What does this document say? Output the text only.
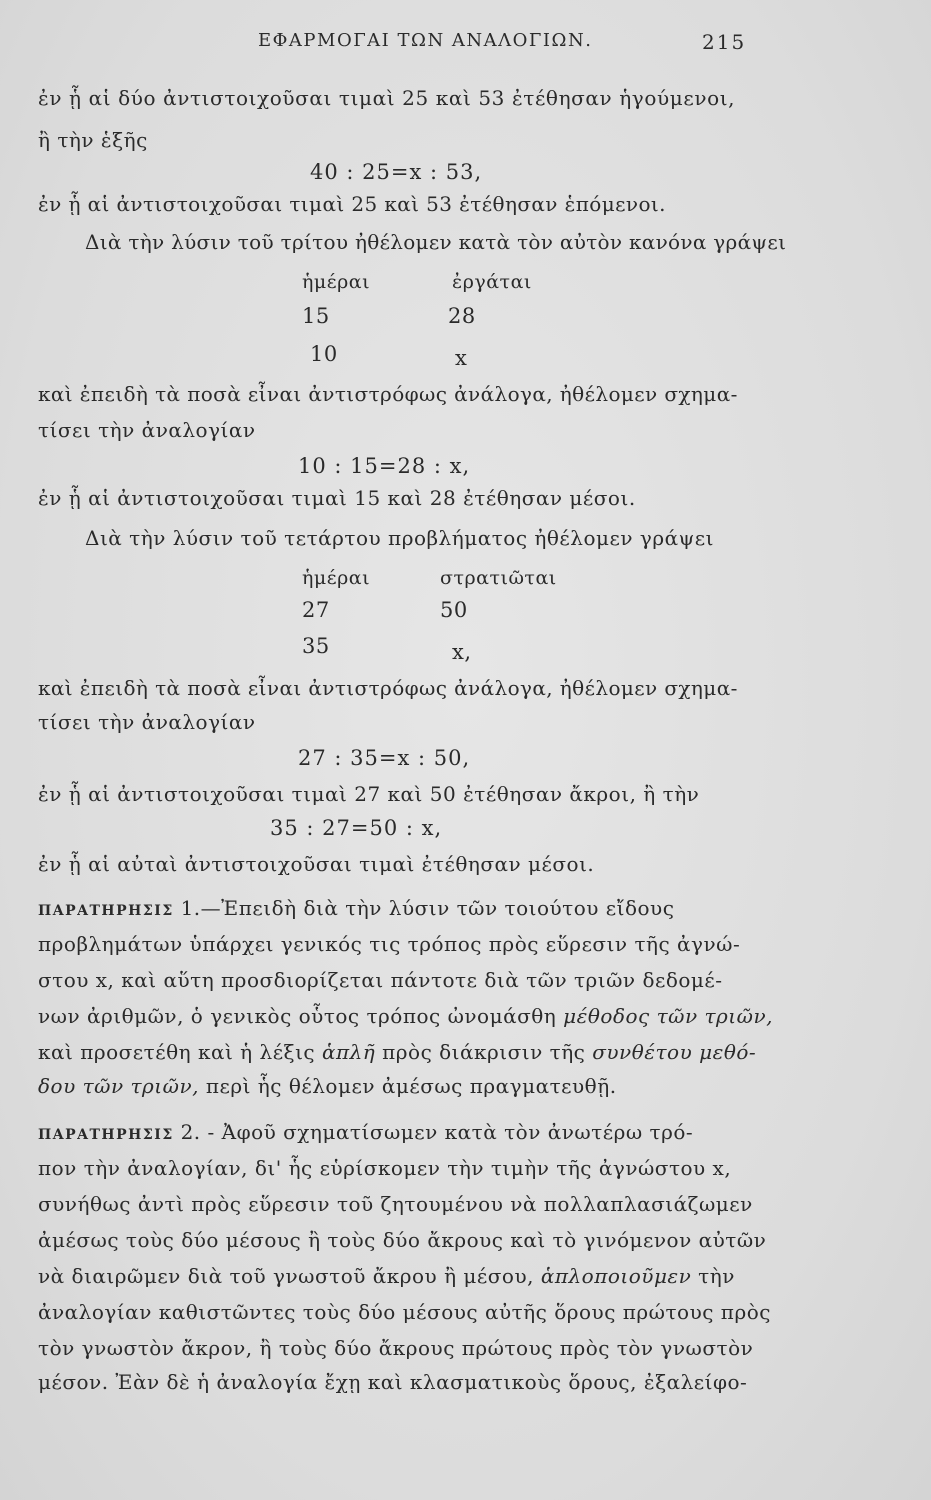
ΕΦΑΡΜΟΓΑΙ ΤΩΝ ΑΝΑΛΟΓΙΩΝ.	215
ἐν ᾗ αἱ δύο ἀντιστοιχοῦσαι τιμαὶ 25 καὶ 53 ἐτέθησαν ἡγούμενοι,
ἢ τὴν ἑξῆς
40 : 25=x : 53,
ἐν ᾗ αἱ ἀντιστοιχοῦσαι τιμαὶ 25 καὶ 53 ἐτέθησαν ἑπόμενοι.
Διὰ τὴν λύσιν τοῦ τρίτου ἠθέλομεν κατὰ τὸν αὐτὸν κανόνα γράψει
ἡμέραι	ἐργάται
15	28
10	x
καὶ ἐπειδὴ τὰ ποσὰ εἶναι ἀντιστρόφως ἀνάλογα, ἠθέλομεν σχημα-
τίσει τὴν ἀναλογίαν
10 : 15=28 : x,
ἐν ᾗ αἱ ἀντιστοιχοῦσαι τιμαὶ 15 καὶ 28 ἐτέθησαν μέσοι.
Διὰ τὴν λύσιν τοῦ τετάρτου προβλήματος ἠθέλομεν γράψει
ἡμέραι	στρατιῶται
27	50
35	x,
καὶ ἐπειδὴ τὰ ποσὰ εἶναι ἀντιστρόφως ἀνάλογα, ἠθέλομεν σχημα-
τίσει τὴν ἀναλογίαν
27 : 35=x : 50,
ἐν ᾗ αἱ ἀντιστοιχοῦσαι τιμαὶ 27 καὶ 50 ἐτέθησαν ἄκροι, ἢ τὴν
35 : 27=50 : x,
ἐν ᾗ αἱ αὐταὶ ἀντιστοιχοῦσαι τιμαὶ ἐτέθησαν μέσοι.
ΠΑΡΑΤΗΡΗΣΙΣ 1.—Ἐπειδὴ διὰ τὴν λύσιν τῶν τοιούτου εἴδους
προβλημάτων ὑπάρχει γενικός τις τρόπος πρὸς εὕρεσιν τῆς ἀγνώ-
στου x, καὶ αὕτη προσδιορίζεται πάντοτε διὰ τῶν τριῶν δεδομέ-
νων ἀριθμῶν, ὁ γενικὸς οὗτος τρόπος ὠνομάσθη μέθοδος τῶν τριῶν,
καὶ προσετέθη καὶ ἡ λέξις ἁπλῆ πρὸς διάκρισιν τῆς συνθέτου μεθό-
δου τῶν τριῶν, περὶ ἧς θέλομεν ἀμέσως πραγματευθῇ.
ΠΑΡΑΤΗΡΗΣΙΣ 2. - Ἀφοῦ σχηματίσωμεν κατὰ τὸν ἀνωτέρω τρό-
πον τὴν ἀναλογίαν, δι' ἧς εὑρίσκομεν τὴν τιμὴν τῆς ἀγνώστου x,
συνήθως ἀντὶ πρὸς εὕρεσιν τοῦ ζητουμένου νὰ πολλαπλασιάζωμεν
ἀμέσως τοὺς δύο μέσους ἢ τοὺς δύο ἄκρους καὶ τὸ γινόμενον αὐτῶν
νὰ διαιρῶμεν διὰ τοῦ γνωστοῦ ἄκρου ἢ μέσου, ἁπλοποιοῦμεν τὴν
ἀναλογίαν καθιστῶντες τοὺς δύο μέσους αὐτῆς ὅρους πρώτους πρὸς
τὸν γνωστὸν ἄκρον, ἢ τοὺς δύο ἄκρους πρώτους πρὸς τὸν γνωστὸν
μέσον. Ἐὰν δὲ ἡ ἀναλογία ἔχῃ καὶ κλασματικοὺς ὅρους, ἐξαλείφο-
